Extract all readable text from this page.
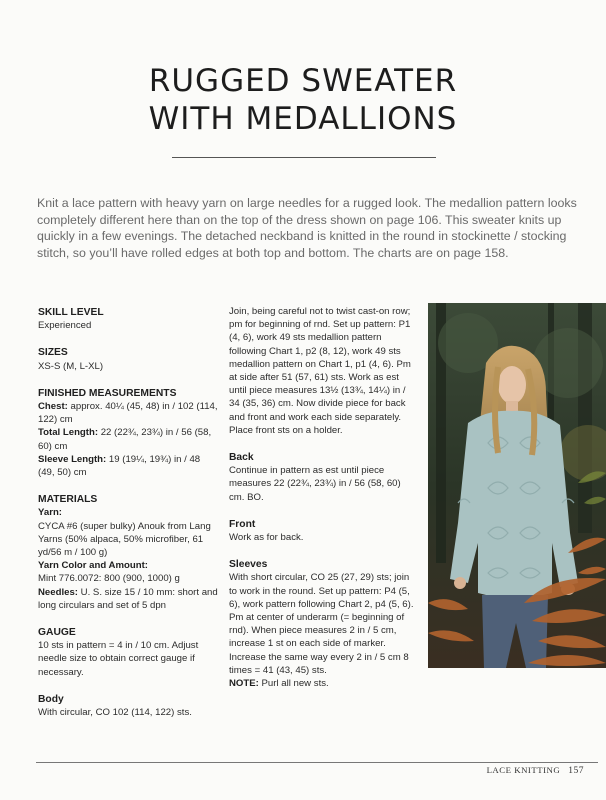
RUGGED SWEATER
WITH MEDALLIONS

Knit a lace pattern with heavy yarn on large needles for a rugged look. The medallion pattern looks completely different here than on the top of the dress shown on page 106. This sweater knits up quickly in a few evenings. The detached neckband is knitted in the round in stockinette / stocking stitch, so you’ll have rolled edges at both top and bottom. The charts are on page 158.

SKILL LEVEL

Experienced

SIZES

XS-S (M, L-XL)

FINISHED MEASUREMENTS

Chest: approx. 40¼ (45, 48) in / 102 (114, 122) cm

Total Length: 22 (22¾, 23¾) in / 56 (58, 60) cm

Sleeve Length: 19 (19¼, 19¾) in / 48 (49, 50) cm

MATERIALS

Yarn:

CYCA #6 (super bulky) Anouk from Lang Yarns (50% alpaca, 50% microfiber, 61 yd/56 m / 100 g)

Yarn Color and Amount:

Mint 776.0072: 800 (900, 1000) g

Needles: U. S. size 15 / 10 mm: short and long circulars and set of 5 dpn

GAUGE

10 sts in pattern = 4 in / 10 cm. Adjust needle size to obtain correct gauge if necessary.

Body

With circular, CO 102 (114, 122) sts.

Join, being careful not to twist cast-on row; pm for beginning of rnd. Set up pattern: P1 (4, 6), work 49 sts medallion pattern following Chart 1, p2 (8, 12), work 49 sts medallion pattern on Chart 1, p1 (4, 6). Pm at side after 51 (57, 61) sts. Work as est until piece measures 13½ (13¾, 14¼) in / 34 (35, 36) cm. Now divide piece for back and front and work each side separately. Place front sts on a holder.

Back

Continue in pattern as est until piece measures 22 (22¾, 23¾) in / 56 (58, 60) cm. BO.

Front

Work as for back.

Sleeves

With short circular, CO 25 (27, 29) sts; join to work in the round. Set up pattern: P4 (5, 6), work pattern following Chart 2, p4 (5, 6). Pm at center of underarm (= beginning of rnd). When piece measures 2 in / 5 cm, increase 1 st on each side of marker. Increase the same way every 2 in / 5 cm 8 times = 41 (43, 45) sts.

NOTE: Purl all new sts.

LACE KNITTING 157
